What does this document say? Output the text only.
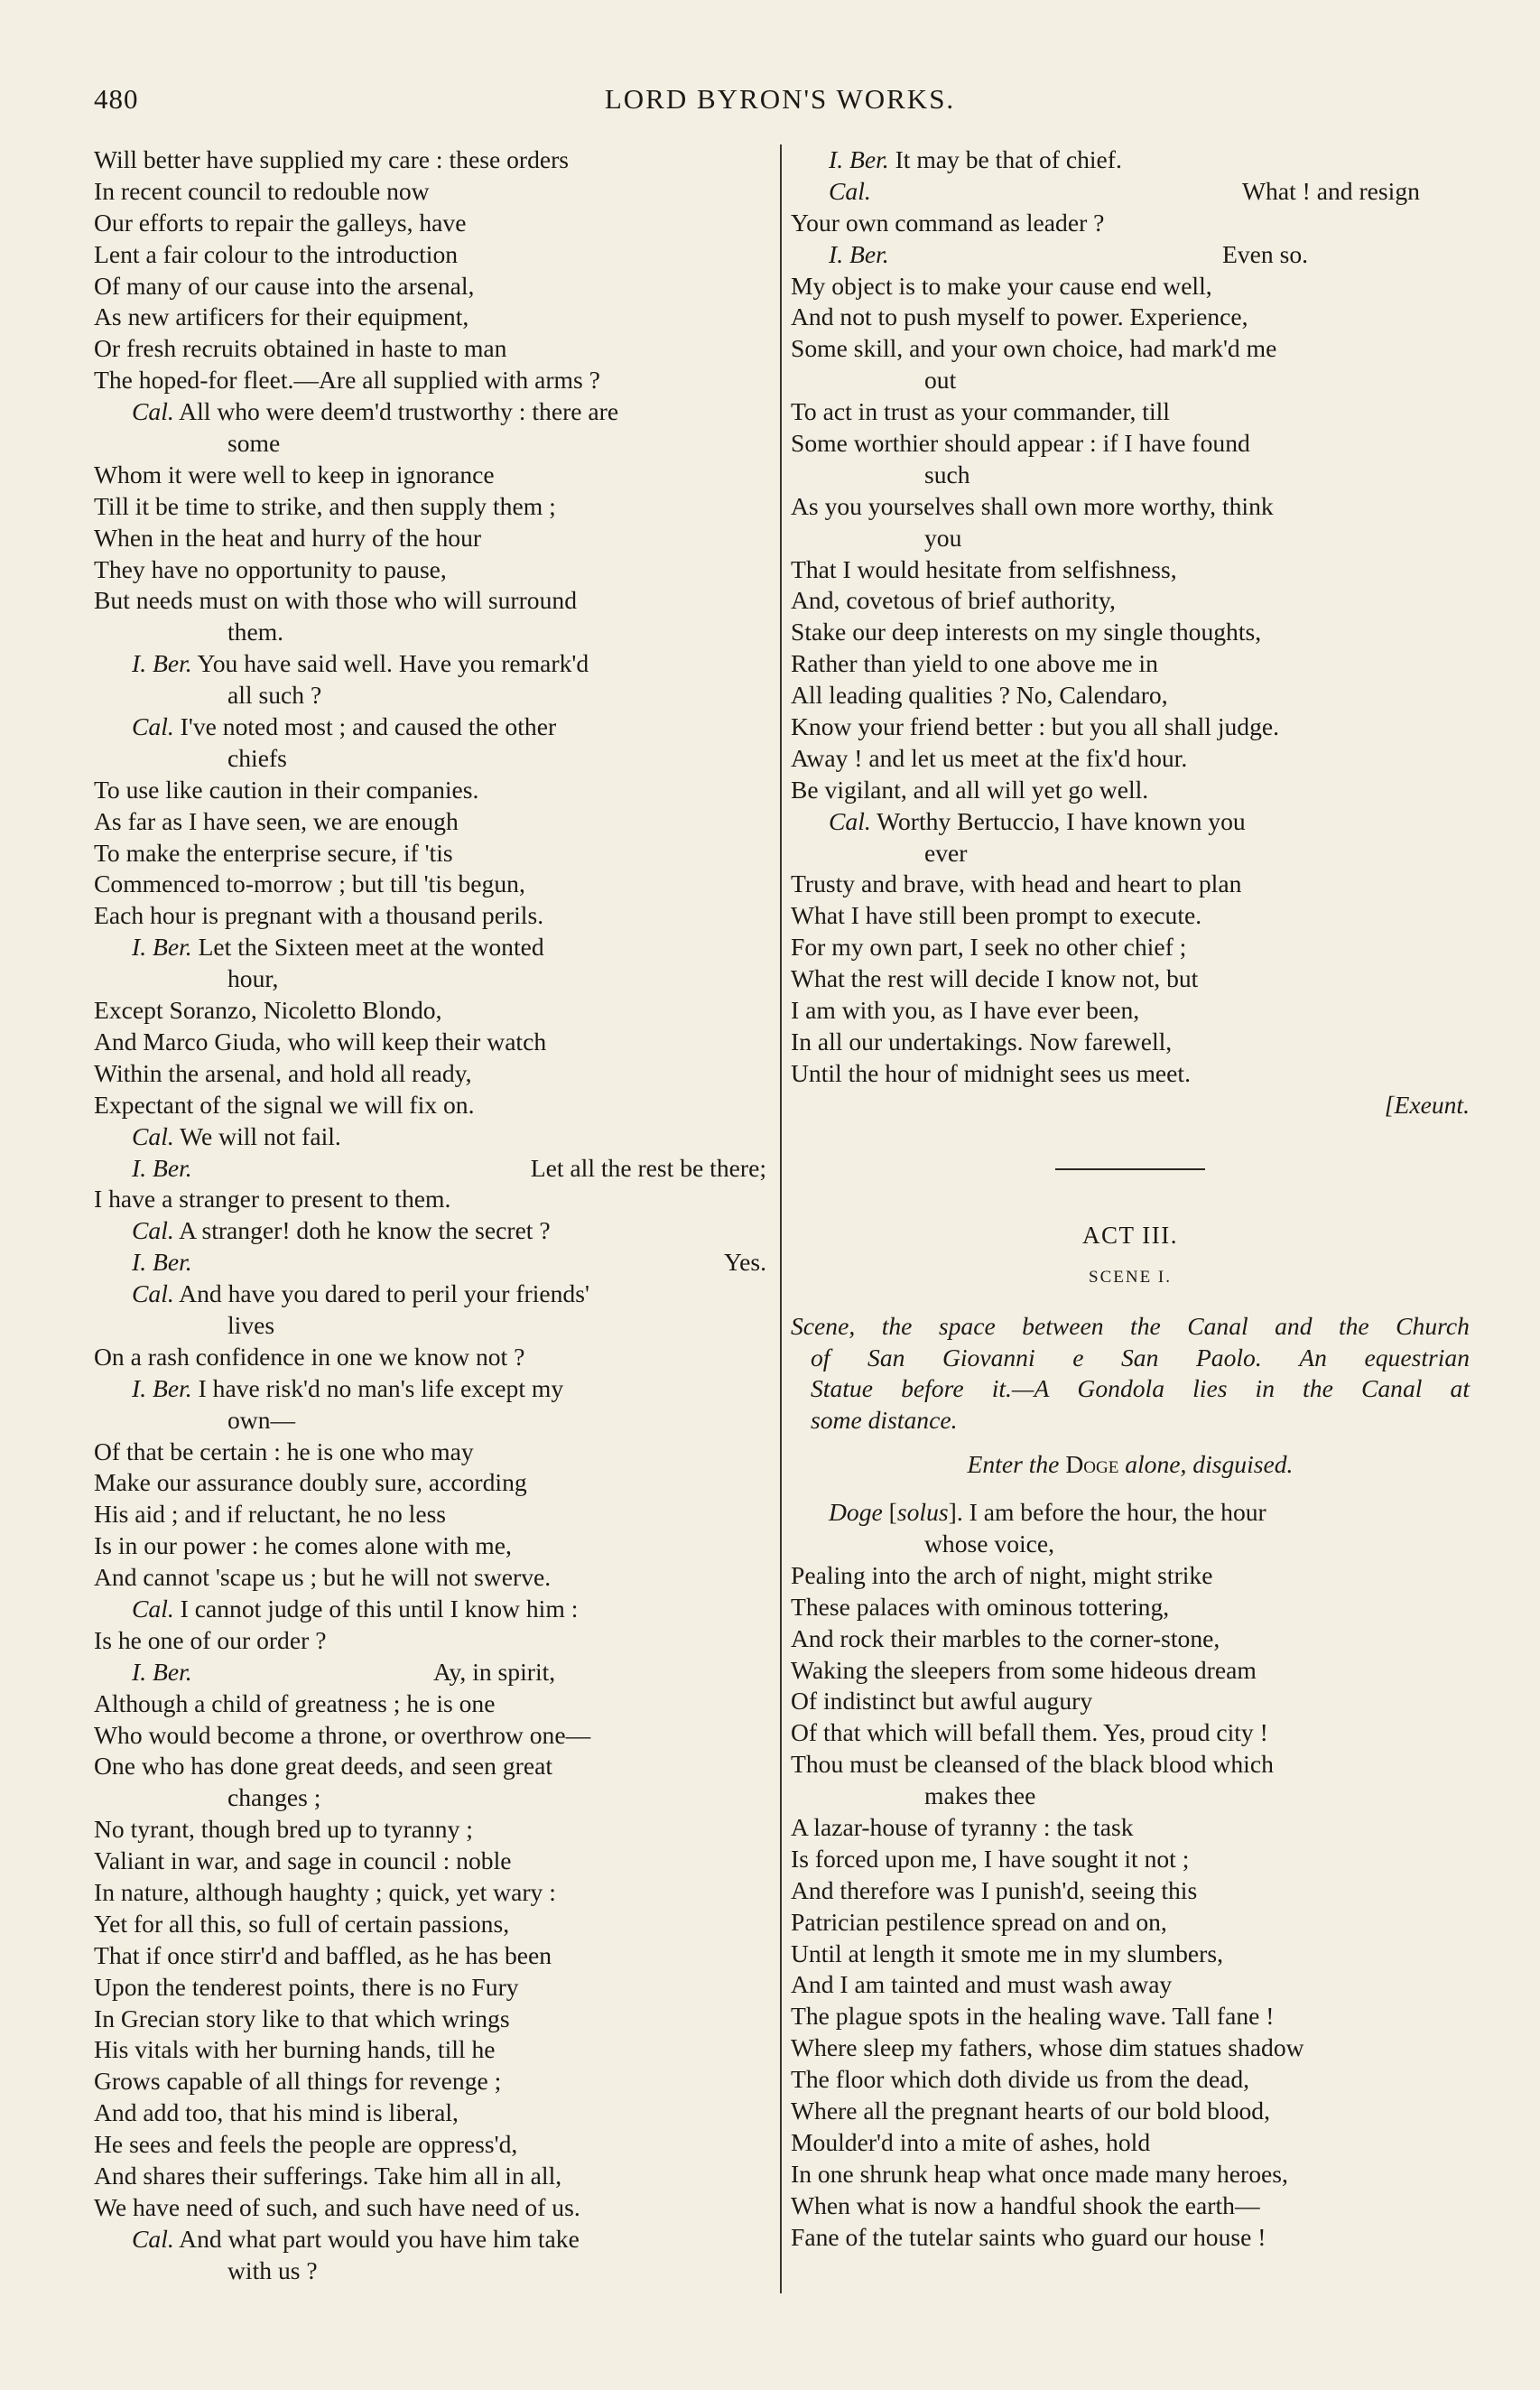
LORD BYRON'S WORKS.
480
Will better have supplied my care : these orders
In recent council to redouble now
Our efforts to repair the galleys, have
Lent a fair colour to the introduction
Of many of our cause into the arsenal,
As new artificers for their equipment,
Or fresh recruits obtained in haste to man
The hoped-for fleet.—Are all supplied with arms ?
Cal. All who were deem'd trustworthy : there are
some
Whom it were well to keep in ignorance
Till it be time to strike, and then supply them ;
When in the heat and hurry of the hour
They have no opportunity to pause,
But needs must on with those who will surround
them.
I. Ber. You have said well. Have you remark'd
all such ?
Cal. I've noted most ; and caused the other
chiefs
To use like caution in their companies.
As far as I have seen, we are enough
To make the enterprise secure, if 'tis
Commenced to-morrow ; but till 'tis begun,
Each hour is pregnant with a thousand perils.
I. Ber. Let the Sixteen meet at the wonted
hour,
Except Soranzo, Nicoletto Blondo,
And Marco Giuda, who will keep their watch
Within the arsenal, and hold all ready,
Expectant of the signal we will fix on.
Cal. We will not fail.
I. Ber.	Let all the rest be there;
I have a stranger to present to them.
Cal. A stranger! doth he know the secret ?
I. Ber.	Yes.
Cal. And have you dared to peril your friends'
lives
On a rash confidence in one we know not ?
I. Ber. I have risk'd no man's life except my
own—
Of that be certain : he is one who may
Make our assurance doubly sure, according
His aid ; and if reluctant, he no less
Is in our power : he comes alone with me,
And cannot 'scape us ; but he will not swerve.
Cal. I cannot judge of this until I know him :
Is he one of our order ?
I. Ber.	Ay, in spirit,
Although a child of greatness ; he is one
Who would become a throne, or overthrow one—
One who has done great deeds, and seen great
changes ;
No tyrant, though bred up to tyranny ;
Valiant in war, and sage in council : noble
In nature, although haughty ; quick, yet wary :
Yet for all this, so full of certain passions,
That if once stirr'd and baffled, as he has been
Upon the tenderest points, there is no Fury
In Grecian story like to that which wrings
His vitals with her burning hands, till he
Grows capable of all things for revenge ;
And add too, that his mind is liberal,
He sees and feels the people are oppress'd,
And shares their sufferings. Take him all in all,
We have need of such, and such have need of us.
Cal. And what part would you have him take
with us ?
I. Ber. It may be that of chief.
Cal.	What ! and resign
Your own command as leader ?
I. Ber.	Even so.
My object is to make your cause end well,
And not to push myself to power. Experience,
Some skill, and your own choice, had mark'd me
out
To act in trust as your commander, till
Some worthier should appear : if I have found
such
As you yourselves shall own more worthy, think
you
That I would hesitate from selfishness,
And, covetous of brief authority,
Stake our deep interests on my single thoughts,
Rather than yield to one above me in
All leading qualities ? No, Calendaro,
Know your friend better : but you all shall judge.
Away ! and let us meet at the fix'd hour.
Be vigilant, and all will yet go well.
Cal. Worthy Bertuccio, I have known you
ever
Trusty and brave, with head and heart to plan
What I have still been prompt to execute.
For my own part, I seek no other chief ;
What the rest will decide I know not, but
I am with you, as I have ever been,
In all our undertakings. Now farewell,
Until the hour of midnight sees us meet.
[Exeunt.
ACT III.
SCENE I.
Scene, the space between the Canal and the Church
of San Giovanni e San Paolo. An equestrian
Statue before it.—A Gondola lies in the Canal at
some distance.
Enter the Doge alone, disguised.
Doge [solus]. I am before the hour, the hour
whose voice,
Pealing into the arch of night, might strike
These palaces with ominous tottering,
And rock their marbles to the corner-stone,
Waking the sleepers from some hideous dream
Of indistinct but awful augury
Of that which will befall them. Yes, proud city !
Thou must be cleansed of the black blood which
makes thee
A lazar-house of tyranny : the task
Is forced upon me, I have sought it not ;
And therefore was I punish'd, seeing this
Patrician pestilence spread on and on,
Until at length it smote me in my slumbers,
And I am tainted and must wash away
The plague spots in the healing wave. Tall fane !
Where sleep my fathers, whose dim statues shadow
The floor which doth divide us from the dead,
Where all the pregnant hearts of our bold blood,
Moulder'd into a mite of ashes, hold
In one shrunk heap what once made many heroes,
When what is now a handful shook the earth—
Fane of the tutelar saints who guard our house !
